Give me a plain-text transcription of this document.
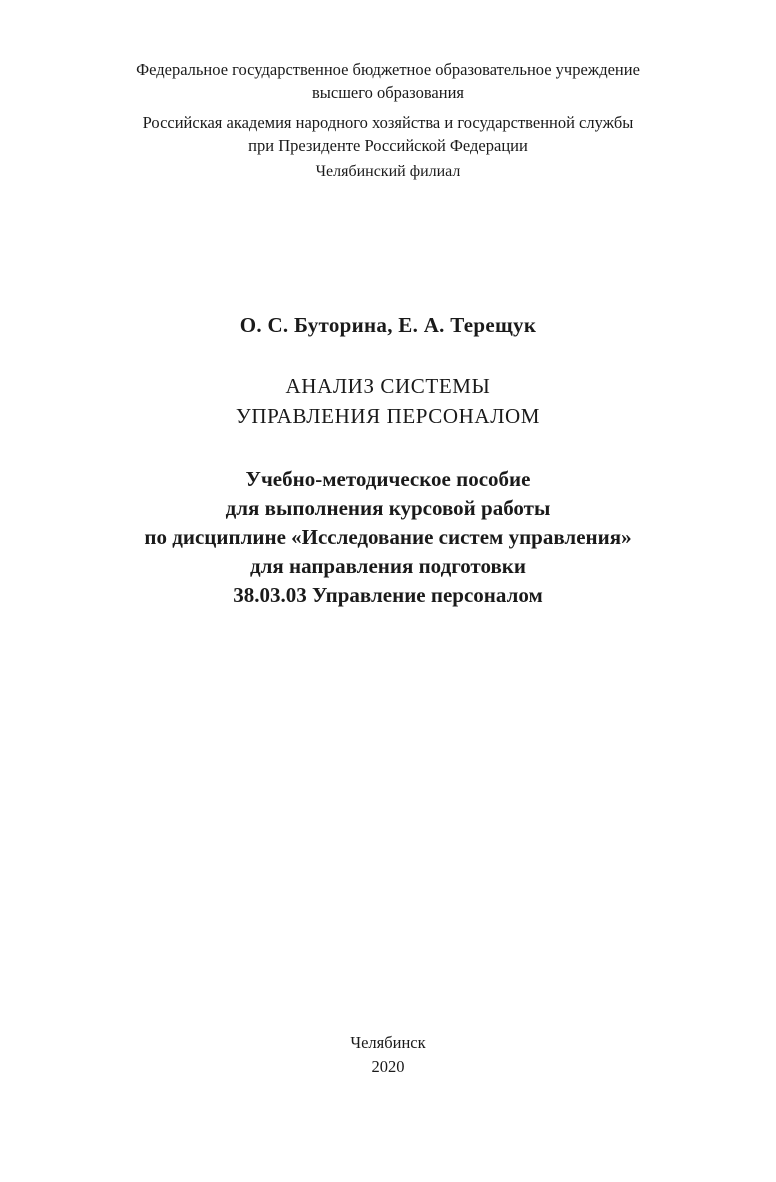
Федеральное государственное бюджетное образовательное учреждение
высшего образования
Российская академия народного хозяйства и государственной службы
при Президенте Российской Федерации
Челябинский филиал
О. С. Буторина, Е. А. Терещук
АНАЛИЗ СИСТЕМЫ
УПРАВЛЕНИЯ ПЕРСОНАЛОМ
Учебно-методическое пособие
для выполнения курсовой работы
по дисциплине «Исследование систем управления»
для направления подготовки
38.03.03 Управление персоналом
Челябинск
2020
